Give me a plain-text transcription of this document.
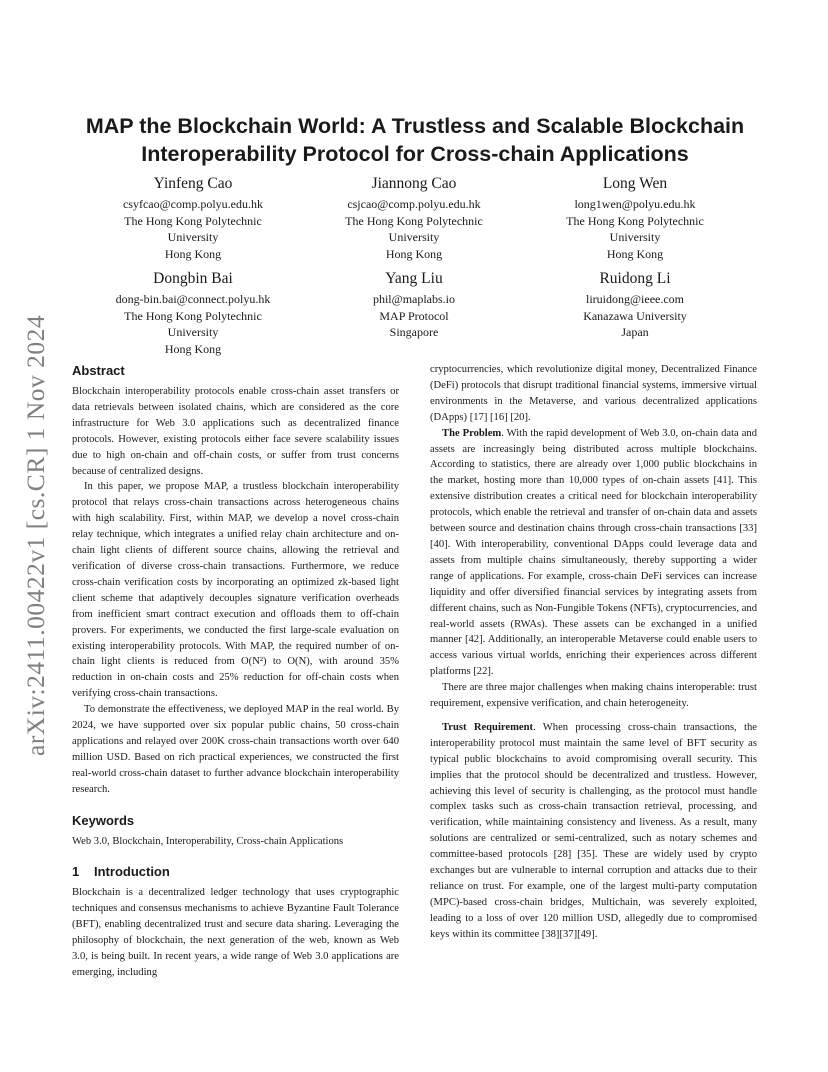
arXiv:2411.00422v1 [cs.CR] 1 Nov 2024
MAP the Blockchain World: A Trustless and Scalable Blockchain
Interoperability Protocol for Cross-chain Applications
Yinfeng Cao
csyfcao@comp.polyu.edu.hk
The Hong Kong Polytechnic
University
Hong Kong
Jiannong Cao
csjcao@comp.polyu.edu.hk
The Hong Kong Polytechnic
University
Hong Kong
Long Wen
long1wen@polyu.edu.hk
The Hong Kong Polytechnic
University
Hong Kong
Dongbin Bai
dong-bin.bai@connect.polyu.hk
The Hong Kong Polytechnic
University
Hong Kong
Yang Liu
phil@maplabs.io
MAP Protocol
Singapore
Ruidong Li
liruidong@ieee.com
Kanazawa University
Japan
Abstract

Blockchain interoperability protocols enable cross-chain asset transfers or data retrievals between isolated chains, which are considered as the core infrastructure for Web 3.0 applications such as decentralized finance protocols. However, existing protocols either face severe scalability issues due to high on-chain and off-chain costs, or suffer from trust concerns because of centralized designs.

In this paper, we propose MAP, a trustless blockchain interoperability protocol that relays cross-chain transactions across heterogeneous chains with high scalability. First, within MAP, we develop a novel cross-chain relay technique, which integrates a unified relay chain architecture and on-chain light clients of different source chains, allowing the retrieval and verification of diverse cross-chain transactions. Furthermore, we reduce cross-chain verification costs by incorporating an optimized zk-based light client scheme that adaptively decouples signature verification overheads from inefficient smart contract execution and offloads them to off-chain provers. For experiments, we conducted the first large-scale evaluation on existing interoperability protocols. With MAP, the required number of on-chain light clients is reduced from O(N²) to O(N), with around 35% reduction in on-chain costs and 25% reduction for off-chain costs when verifying cross-chain transactions.

To demonstrate the effectiveness, we deployed MAP in the real world. By 2024, we have supported over six popular public chains, 50 cross-chain applications and relayed over 200K cross-chain transactions worth over 640 million USD. Based on rich practical experiences, we constructed the first real-world cross-chain dataset to further advance blockchain interoperability research.

Keywords

Web 3.0, Blockchain, Interoperability, Cross-chain Applications

1 Introduction

Blockchain is a decentralized ledger technology that uses cryptographic techniques and consensus mechanisms to achieve Byzantine Fault Tolerance (BFT), enabling decentralized trust and secure data sharing. Leveraging the philosophy of blockchain, the next generation of the web, known as Web 3.0, is being built. In recent years, a wide range of Web 3.0 applications are emerging, including

cryptocurrencies, which revolutionize digital money, Decentralized Finance (DeFi) protocols that disrupt traditional financial systems, immersive virtual environments in the Metaverse, and various decentralized applications (DApps) [17] [16] [20].

The Problem. With the rapid development of Web 3.0, on-chain data and assets are increasingly being distributed across multiple blockchains. According to statistics, there are already over 1,000 public blockchains in the market, hosting more than 10,000 types of on-chain assets [41]. This extensive distribution creates a critical need for blockchain interoperability protocols, which enable the retrieval and transfer of on-chain data and assets between source and destination chains through cross-chain transactions [33] [40]. With interoperability, conventional DApps could leverage data and assets from multiple chains simultaneously, thereby supporting a wider range of applications. For example, cross-chain DeFi services can increase liquidity and offer diversified financial services by integrating assets from different chains, such as Non-Fungible Tokens (NFTs), cryptocurrencies, and real-world assets (RWAs). These assets can be exchanged in a unified manner [42]. Additionally, an interoperable Metaverse could enable users to access various virtual worlds, enriching their experiences across different platforms [22].

There are three major challenges when making chains interoperable: trust requirement, expensive verification, and chain heterogeneity.

Trust Requirement. When processing cross-chain transactions, the interoperability protocol must maintain the same level of BFT security as typical public blockchains to avoid compromising overall security. This implies that the protocol should be decentralized and trustless. However, achieving this level of security is challenging, as the protocol must handle complex tasks such as cross-chain transaction retrieval, processing, and verification, while maintaining consistency and liveness. As a result, many solutions are centralized or semi-centralized, such as notary schemes and committee-based protocols [28] [35]. These are widely used by crypto exchanges but are vulnerable to internal corruption and attacks due to their reliance on trust. For example, one of the largest multi-party computation (MPC)-based cross-chain bridges, Multichain, was severely exploited, leading to a loss of over 120 million USD, allegedly due to compromised keys within its committee [38][37][49].
